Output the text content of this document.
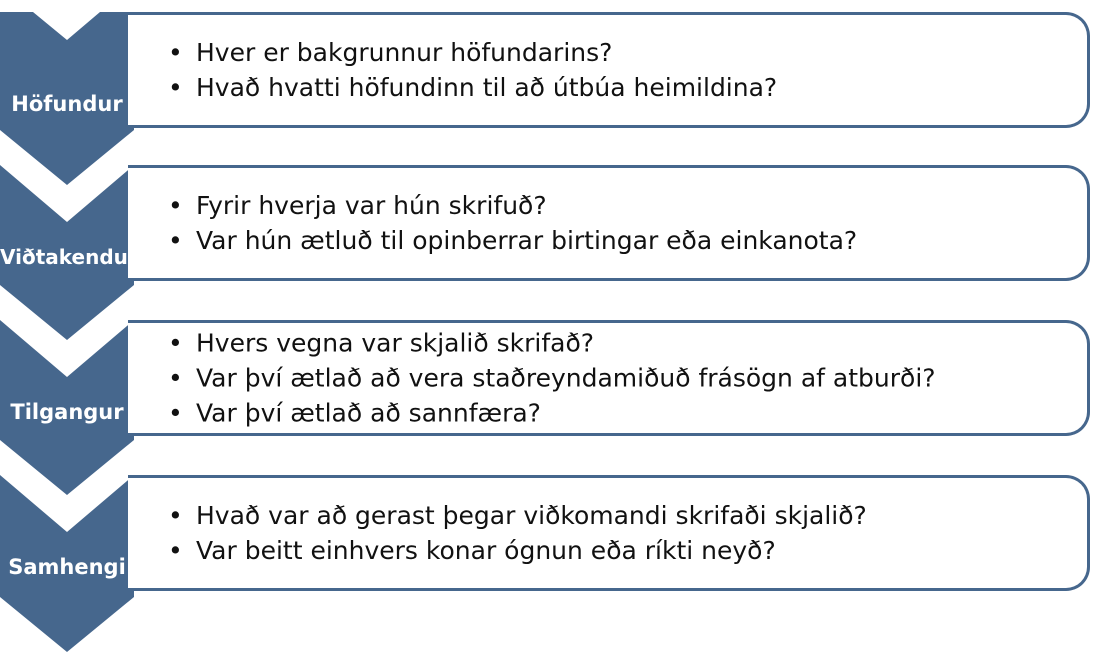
• Hver er bakgrunnur höfundarins?
• Hvað hvatti höfundinn til að útbúa heimildina?
Höfundur
• Fyrir hverja var hún skrifuð?
• Var hún ætluð til opinberrar birtingar eða einkanota?
Viðtakendur
• Hvers vegna var skjalið skrifað?
• Var því ætlað að vera staðreyndamiðuð frásögn af atburði?
• Var því ætlað að sannfæra?
Tilgangur
• Hvað var að gerast þegar viðkomandi skrifaði skjalið?
• Var beitt einhvers konar ógnun eða ríkti neyð?
Samhengi
